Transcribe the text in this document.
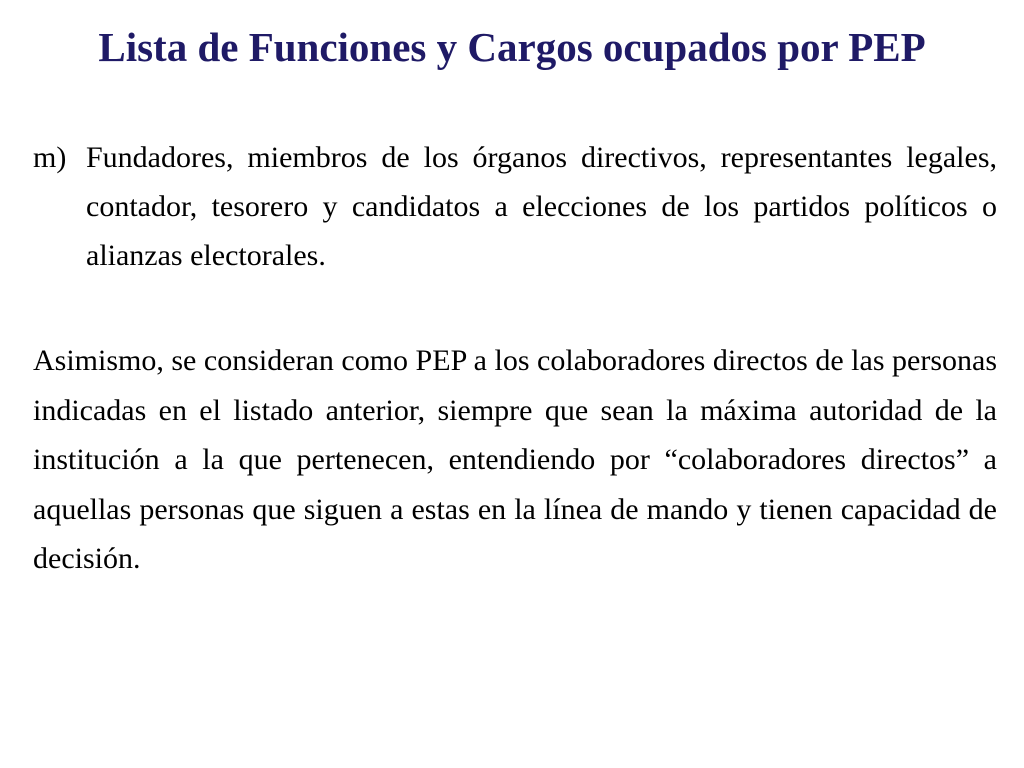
Lista de Funciones y Cargos ocupados por PEP
m) Fundadores, miembros de los órganos directivos, representantes legales, contador, tesorero y candidatos a elecciones de los partidos políticos o alianzas electorales.
Asimismo, se consideran como PEP a los colaboradores directos de las personas indicadas en el listado anterior, siempre que sean la máxima autoridad de la institución a la que pertenecen, entendiendo por “colaboradores directos” a aquellas personas que siguen a estas en la línea de mando y tienen capacidad de decisión.
